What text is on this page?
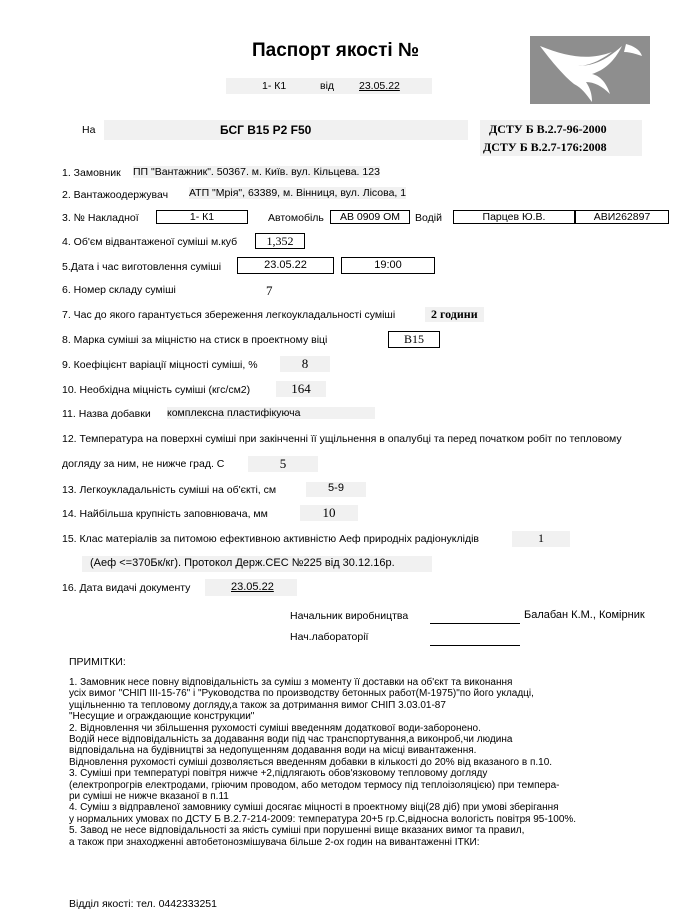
Паспорт якості №
1- К1	від 23.05.22
На	БСГ В15 Р2 F50	ДСТУ Б В.2.7-96-2000
ДСТУ Б В.2.7-176:2008
1. Замовник ПП "Вантажник". 50367. м. Київ. вул. Кільцева. 123
2. Вантажоодержувач АТП "Мрія", 63389, м. Вінниця, вул. Лісова, 1
3. № Накладної	1- К1	Автомобіль	АВ 0909 ОМ	Водій	Парцев Ю.В.	АВИ262897
4. Об'єм відвантаженої суміші м.куб	1,352
5.Дата і час виготовлення суміші	23.05.22	19:00
6. Номер складу суміші	7
7. Час до якого гарантується збереження легкоукладальності суміші	2 години
8. Марка суміші за міцністю на стиск в проектному віці	В15
9. Коефіцієнт варіації міцності суміші, %	8
10. Необхідна міцність суміші (кгс/см2)	164
11. Назва добавки комплексна пластифікуюча
12. Температура на поверхні суміші при закінченні її ущільнення в опалубці та перед початком робіт по тепловому
догляду за ним, не нижче град. С	5
13. Легкоукладальність суміші на об'єкті, см	5-9
14. Найбільша крупність заповнювача, мм	10
15. Клас матеріалів за питомою ефективною активністю Аеф природніх радіонуклідів	1
(Аеф <=370Бк/кг). Протокол Держ.СЕС №225 від 30.12.16р.
16. Дата видачі документу	23.05.22
Начальник виробництва	Балабан К.М., Комірник
Нач.лабораторії
ПРИМІТКИ:
1. Замовник несе повну відповідальність за суміш з моменту її доставки на об'єкт та виконання
усіх вимог "СНІП ІІІ-15-76" і "Руководства по производству бетонных работ(М-1975)"по його укладці,
ущільненню та тепловому догляду,а також за дотримання вимог СНІП 3.03.01-87
"Несущие и ограждающие конструкции"
2. Відновлення чи збільшення рухомості суміші введенням додаткової води-заборонено.
Водій несе відповідальність за додавання води під час транспортування,а виконроб,чи людина
відповідальна на будівництві за недопущенням додавання води на місці вивантаження.
Відновлення рухомості суміші дозволяється введенням добавки в кількості до 20% від вказаного в п.10.
3. Суміші при температурі повітря нижче +2,підлягають обов'язковому тепловому догляду
(електропрогрів електродами, гріючим проводом, або методом термосу під теплоізоляцією) при темпера-
ри суміші не нижче вказаної в п.11
4. Суміш з відправленої замовнику суміші досягає міцності в проектному віці(28 діб) при умові зберігання
у нормальних умовах по ДСТУ Б В.2.7-214-2009: температура 20+5 гр.С,відносна вологість повітря 95-100%.
5. Завод не несе відповідальності за якість суміші при порушенні вище вказаних вимог та правил,
а також при знаходженні автобетонозмішувача більше 2-ох годин на вивантаженні ІТКИ:
Відділ якості: тел. 0442333251
